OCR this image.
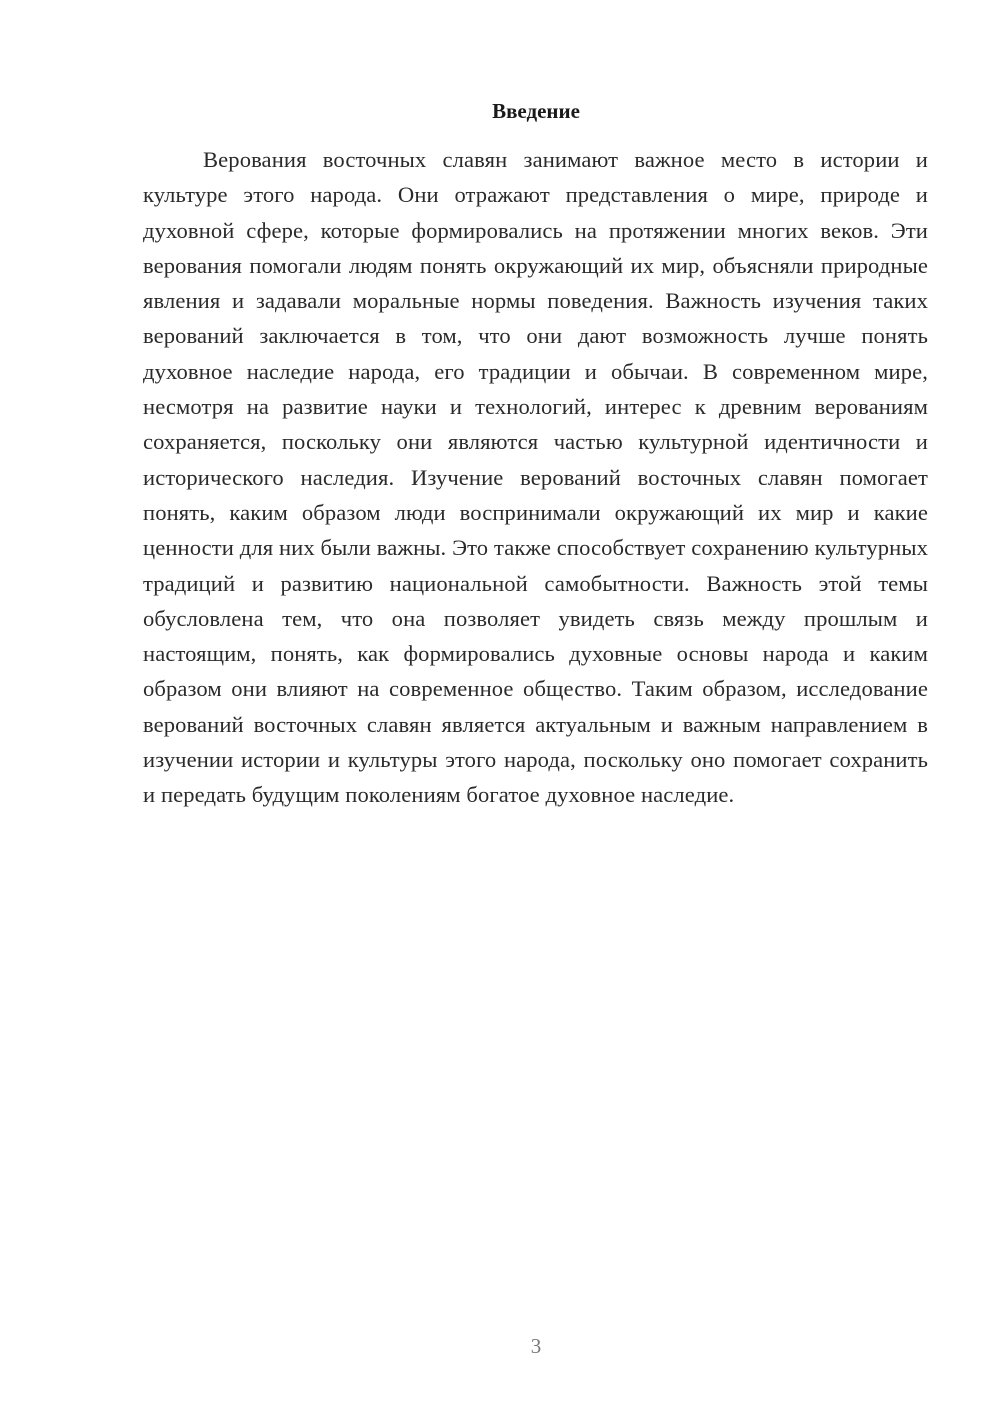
Введение

Верования восточных славян занимают важное место в истории и культуре этого народа. Они отражают представления о мире, природе и духовной сфере, которые формировались на протяжении многих веков. Эти верования помогали людям понять окружающий их мир, объясняли природные явления и задавали моральные нормы поведения. Важность изучения таких верований заключается в том, что они дают возможность лучше понять духовное наследие народа, его традиции и обычаи. В современном мире, несмотря на развитие науки и технологий, интерес к древним верованиям сохраняется, поскольку они являются частью культурной идентичности и исторического наследия. Изучение верований восточных славян помогает понять, каким образом люди воспринимали окружающий их мир и какие ценности для них были важны. Это также способствует сохранению культурных традиций и развитию национальной самобытности. Важность этой темы обусловлена тем, что она позволяет увидеть связь между прошлым и настоящим, понять, как формировались духовные основы народа и каким образом они влияют на современное общество. Таким образом, исследование верований восточных славян является актуальным и важным направлением в изучении истории и культуры этого народа, поскольку оно помогает сохранить и передать будущим поколениям богатое духовное наследие.

3
